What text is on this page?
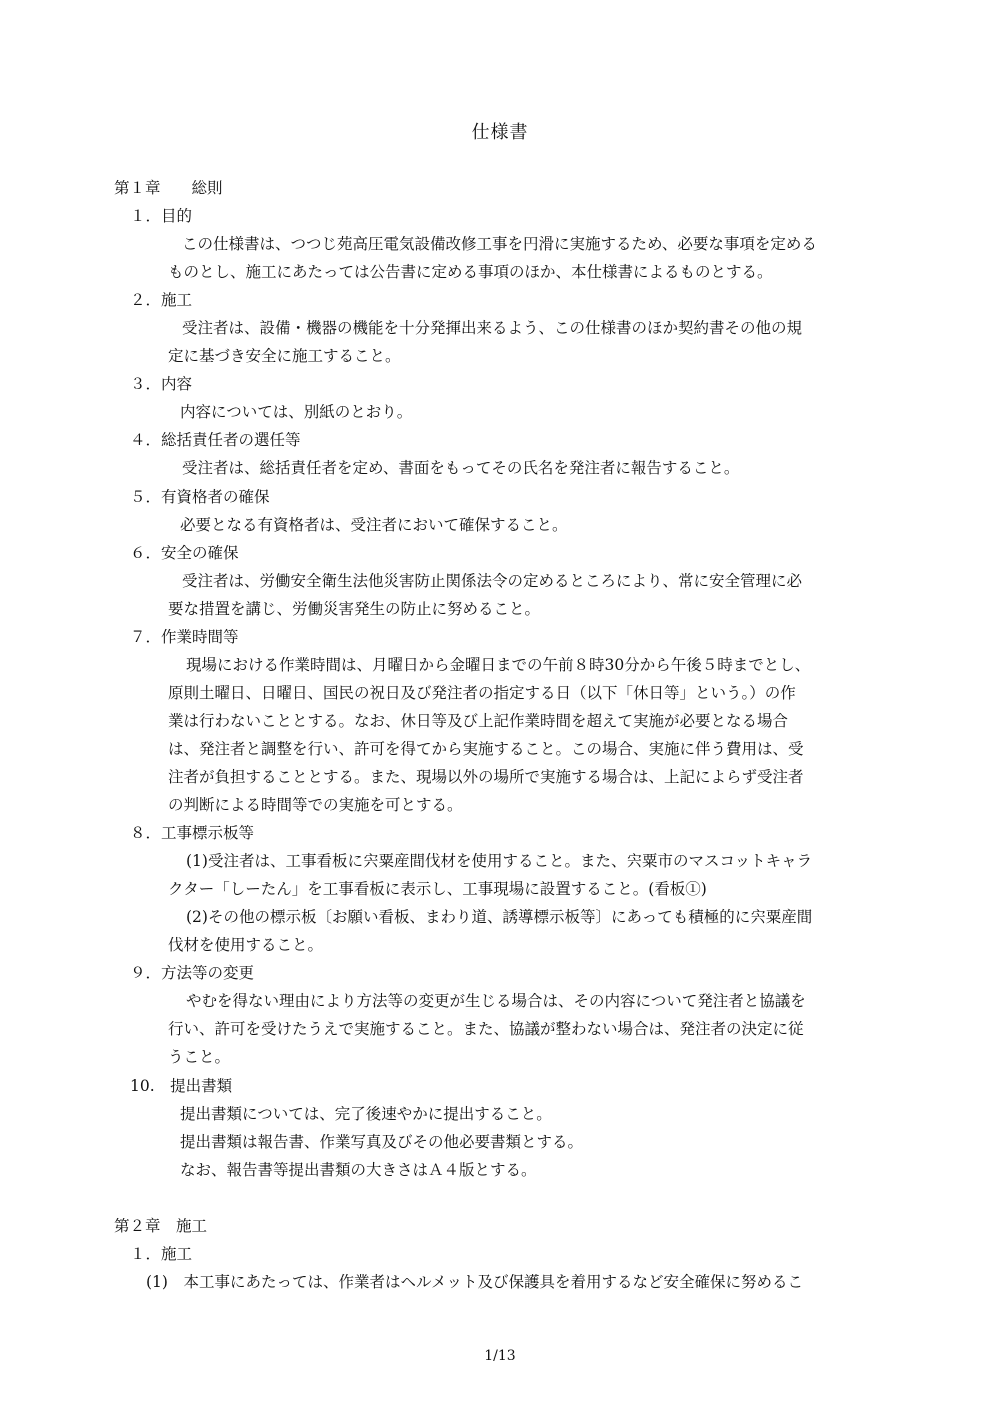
仕様書
第１章　　総則
１．目的
この仕様書は、つつじ苑高圧電気設備改修工事を円滑に実施するため、必要な事項を定める
ものとし、施工にあたっては公告書に定める事項のほか、本仕様書によるものとする。
２．施工
受注者は、設備・機器の機能を十分発揮出来るよう、この仕様書のほか契約書その他の規
定に基づき安全に施工すること。
３．内容
内容については、別紙のとおり。
４．総括責任者の選任等
受注者は、総括責任者を定め、書面をもってその氏名を発注者に報告すること。
５．有資格者の確保
必要となる有資格者は、受注者において確保すること。
６．安全の確保
受注者は、労働安全衛生法他災害防止関係法令の定めるところにより、常に安全管理に必
要な措置を講じ、労働災害発生の防止に努めること。
７．作業時間等
現場における作業時間は、月曜日から金曜日までの午前８時30分から午後５時までとし、
原則土曜日、日曜日、国民の祝日及び発注者の指定する日（以下「休日等」という。）の作
業は行わないこととする。なお、休日等及び上記作業時間を超えて実施が必要となる場合
は、発注者と調整を行い、許可を得てから実施すること。この場合、実施に伴う費用は、受
注者が負担することとする。また、現場以外の場所で実施する場合は、上記によらず受注者
の判断による時間等での実施を可とする。
８．工事標示板等
(1)受注者は、工事看板に宍粟産間伐材を使用すること。また、宍粟市のマスコットキャラ
クター「しーたん」を工事看板に表示し、工事現場に設置すること。(看板①)
(2)その他の標示板〔お願い看板、まわり道、誘導標示板等〕にあっても積極的に宍粟産間
伐材を使用すること。
９．方法等の変更
やむを得ない理由により方法等の変更が生じる場合は、その内容について発注者と協議を
行い、許可を受けたうえで実施すること。また、協議が整わない場合は、発注者の決定に従
うこと。
10.　提出書類
提出書類については、完了後速やかに提出すること。
提出書類は報告書、作業写真及びその他必要書類とする。
なお、報告書等提出書類の大きさはＡ４版とする。
第２章　施工
１．施工
(1)　本工事にあたっては、作業者はヘルメット及び保護具を着用するなど安全確保に努めるこ
1/13
